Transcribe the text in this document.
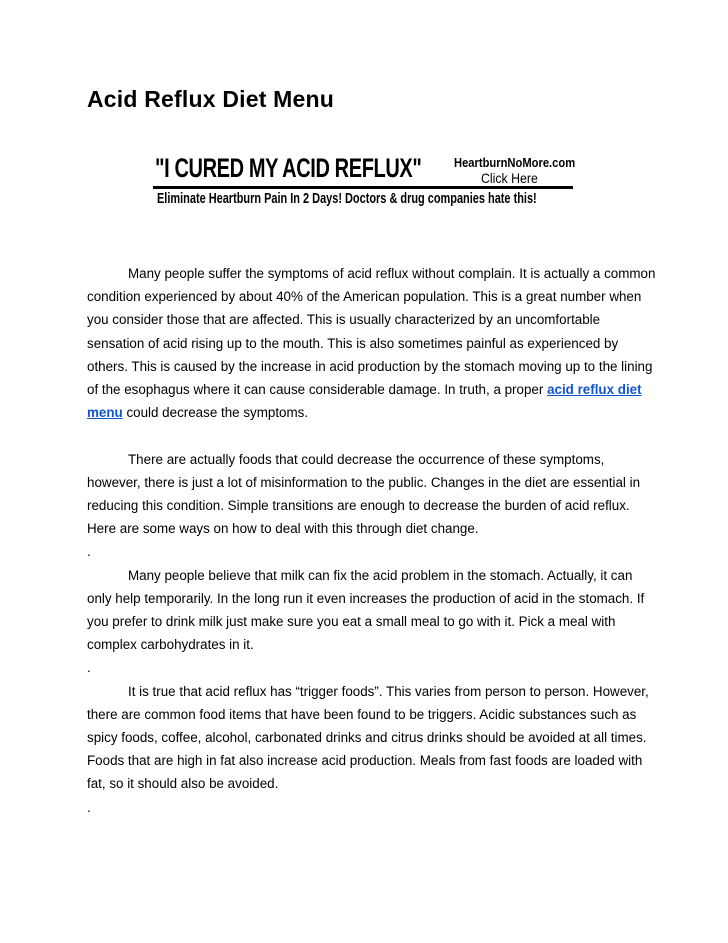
Acid Reflux Diet Menu
"I CURED MY ACID REFLUX"	HeartburnNoMore.com
Click Here
Eliminate Heartburn Pain In 2 Days! Doctors & drug companies hate this!

Many people suffer the symptoms of acid reflux without complain. It is actually a common condition experienced by about 40% of the American population. This is a great number when you consider those that are affected. This is usually characterized by an uncomfortable sensation of acid rising up to the mouth. This is also sometimes painful as experienced by others. This is caused by the increase in acid production by the stomach moving up to the lining of the esophagus where it can cause considerable damage. In truth, a proper acid reflux diet menu could decrease the symptoms.

There are actually foods that could decrease the occurrence of these symptoms, however, there is just a lot of misinformation to the public. Changes in the diet are essential in reducing this condition. Simple transitions are enough to decrease the burden of acid reflux. Here are some ways on how to deal with this through diet change.

.

Many people believe that milk can fix the acid problem in the stomach. Actually, it can only help temporarily. In the long run it even increases the production of acid in the stomach. If you prefer to drink milk just make sure you eat a small meal to go with it. Pick a meal with complex carbohydrates in it.

.

It is true that acid reflux has “trigger foods”. This varies from person to person. However, there are common food items that have been found to be triggers. Acidic substances such as spicy foods, coffee, alcohol, carbonated drinks and citrus drinks should be avoided at all times. Foods that are high in fat also increase acid production. Meals from fast foods are loaded with fat, so it should also be avoided.

.
